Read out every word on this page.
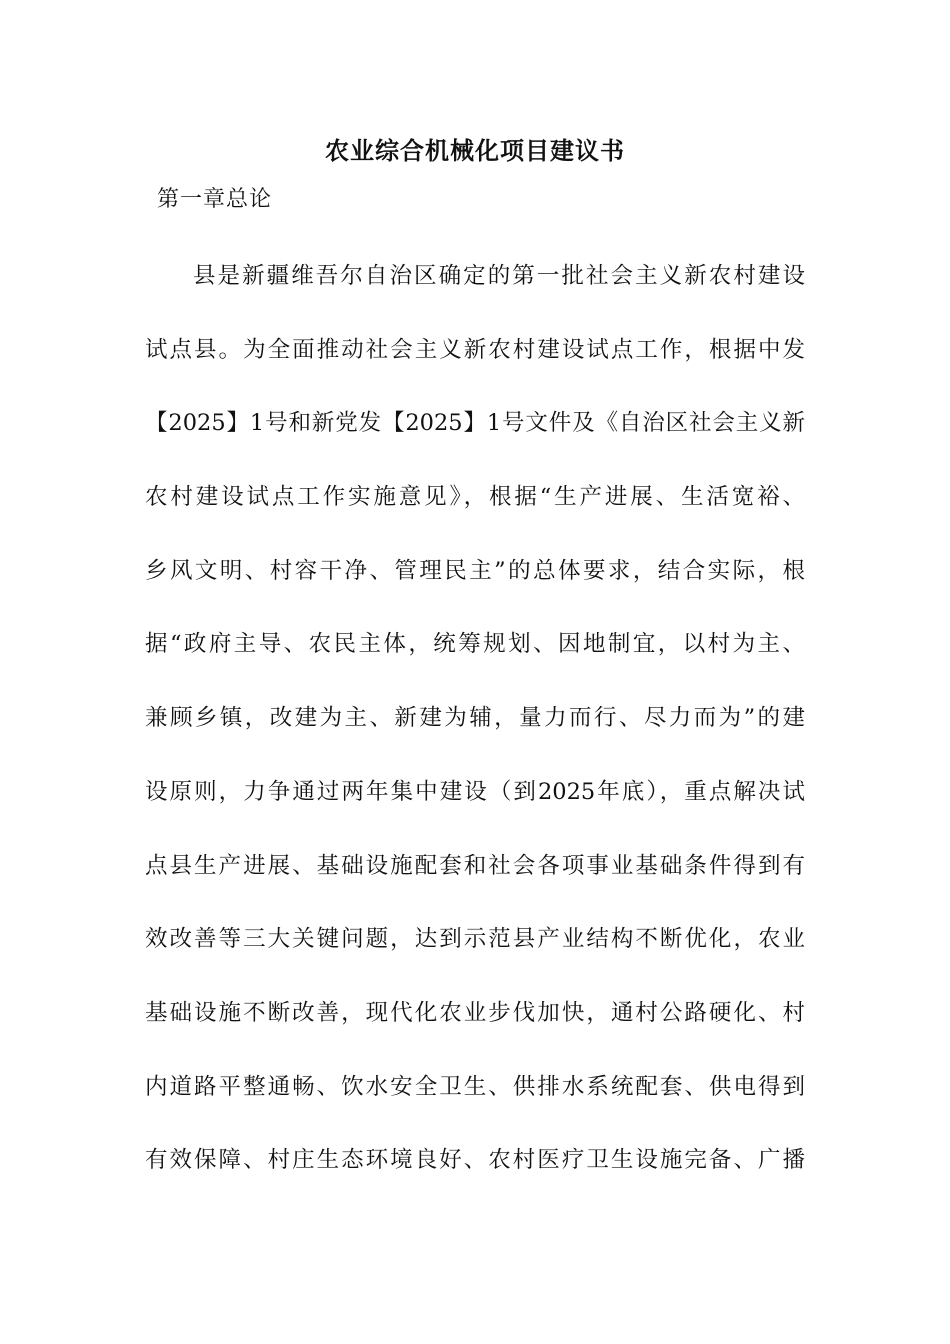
农业综合机械化项目建议书

第一章总论

县是新疆维吾尔自治区确定的第一批社会主义新农村建设
试点县。为全面推动社会主义新农村建设试点工作，根据中发
【2025】1号和新党发【2025】1号文件及《自治区社会主义新
农村建设试点工作实施意见》，根据“生产进展、生活宽裕、
乡风文明、村容干净、管理民主”的总体要求，结合实际，根
据“政府主导、农民主体，统筹规划、因地制宜，以村为主、
兼顾乡镇，改建为主、新建为辅，量力而行、尽力而为”的建
设原则，力争通过两年集中建设（到2025年底），重点解决试
点县生产进展、基础设施配套和社会各项事业基础条件得到有
效改善等三大关键问题，达到示范县产业结构不断优化，农业
基础设施不断改善，现代化农业步伐加快，通村公路硬化、村
内道路平整通畅、饮水安全卫生、供排水系统配套、供电得到
有效保障、村庄生态环境良好、农村医疗卫生设施完备、广播
